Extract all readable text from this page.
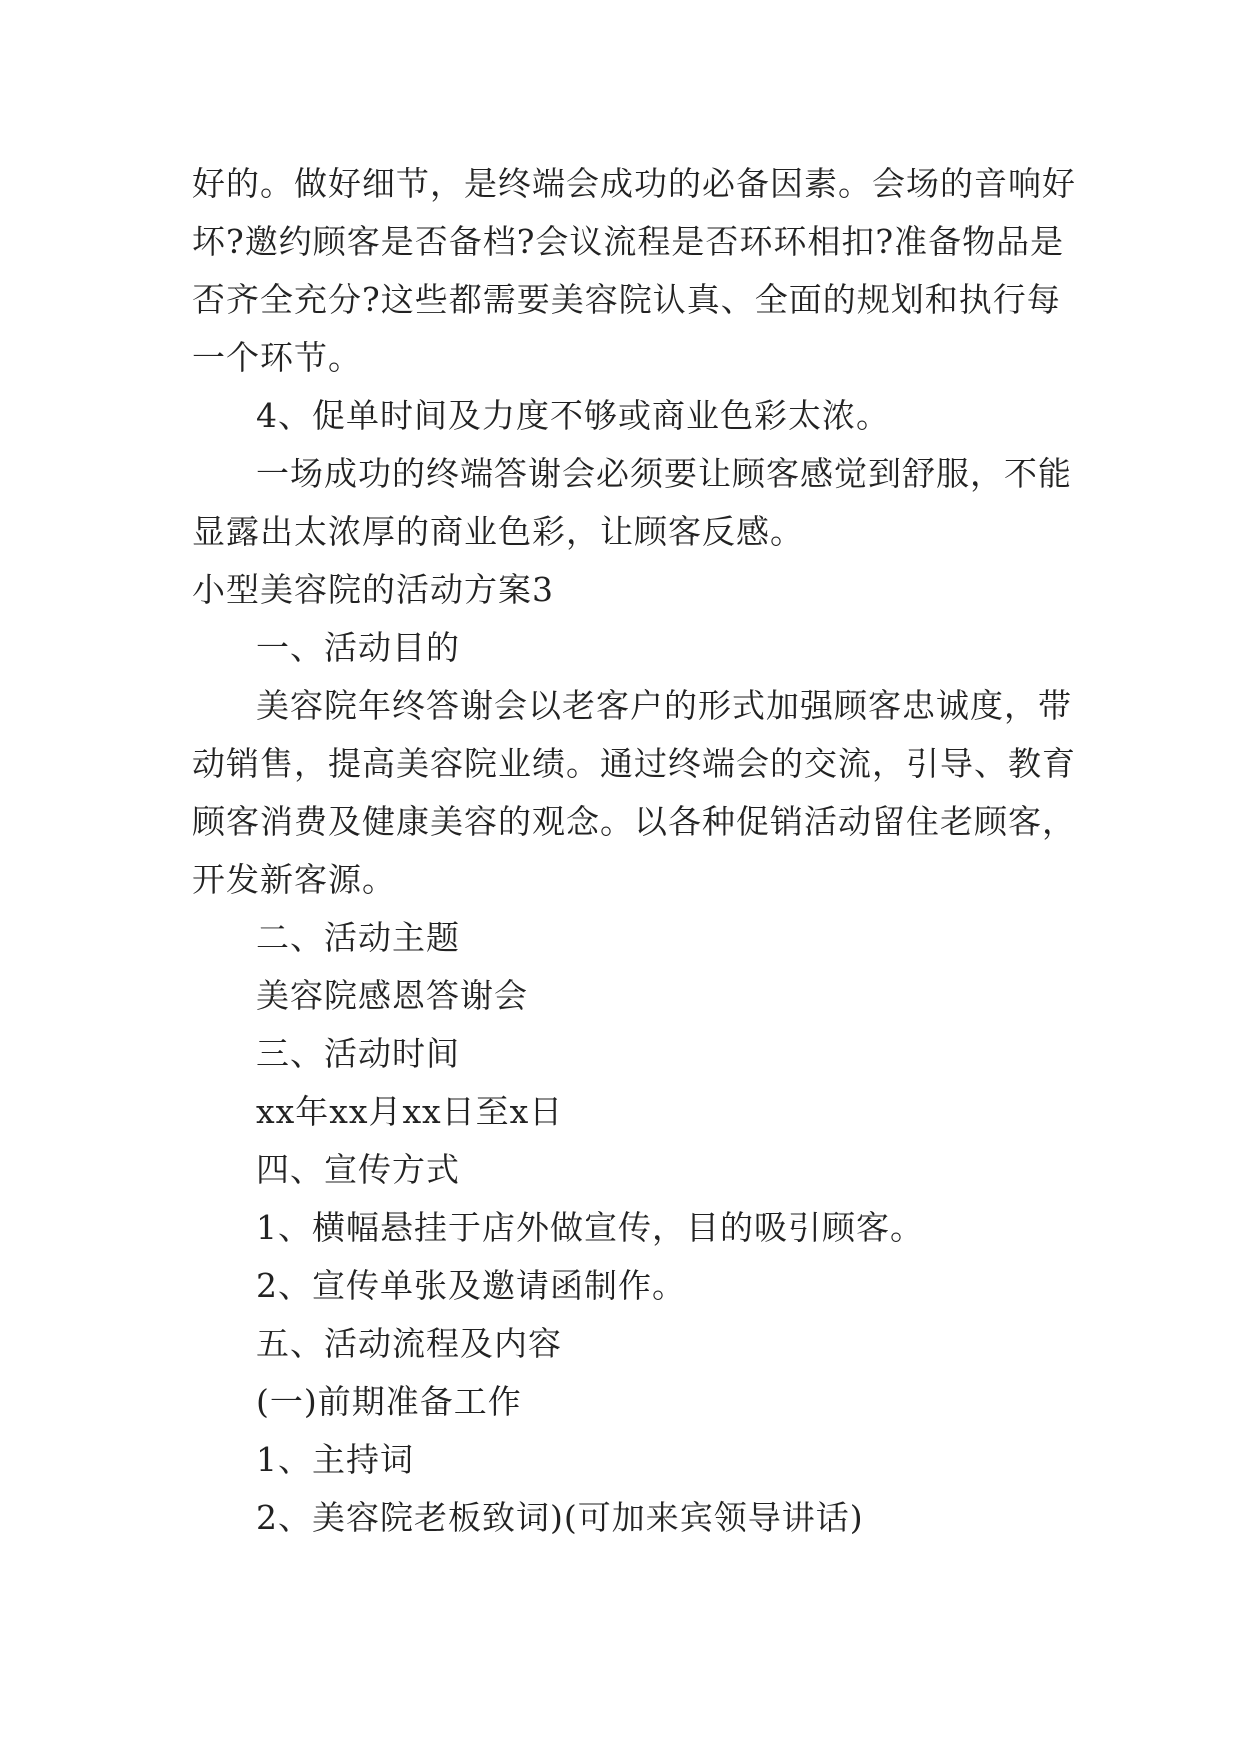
好的。做好细节，是终端会成功的必备因素。会场的音响好

坏?邀约顾客是否备档?会议流程是否环环相扣?准备物品是

否齐全充分?这些都需要美容院认真、全面的规划和执行每

一个环节。

4、促单时间及力度不够或商业色彩太浓。

一场成功的终端答谢会必须要让顾客感觉到舒服，不能

显露出太浓厚的商业色彩，让顾客反感。

小型美容院的活动方案3

一、活动目的

美容院年终答谢会以老客户的形式加强顾客忠诚度，带

动销售，提高美容院业绩。通过终端会的交流，引导、教育

顾客消费及健康美容的观念。以各种促销活动留住老顾客，

开发新客源。

二、活动主题

美容院感恩答谢会

三、活动时间

xx年xx月xx日至x日

四、宣传方式

1、横幅悬挂于店外做宣传，目的吸引顾客。

2、宣传单张及邀请函制作。

五、活动流程及内容

(一)前期准备工作

1、主持词

2、美容院老板致词)(可加来宾领导讲话)
